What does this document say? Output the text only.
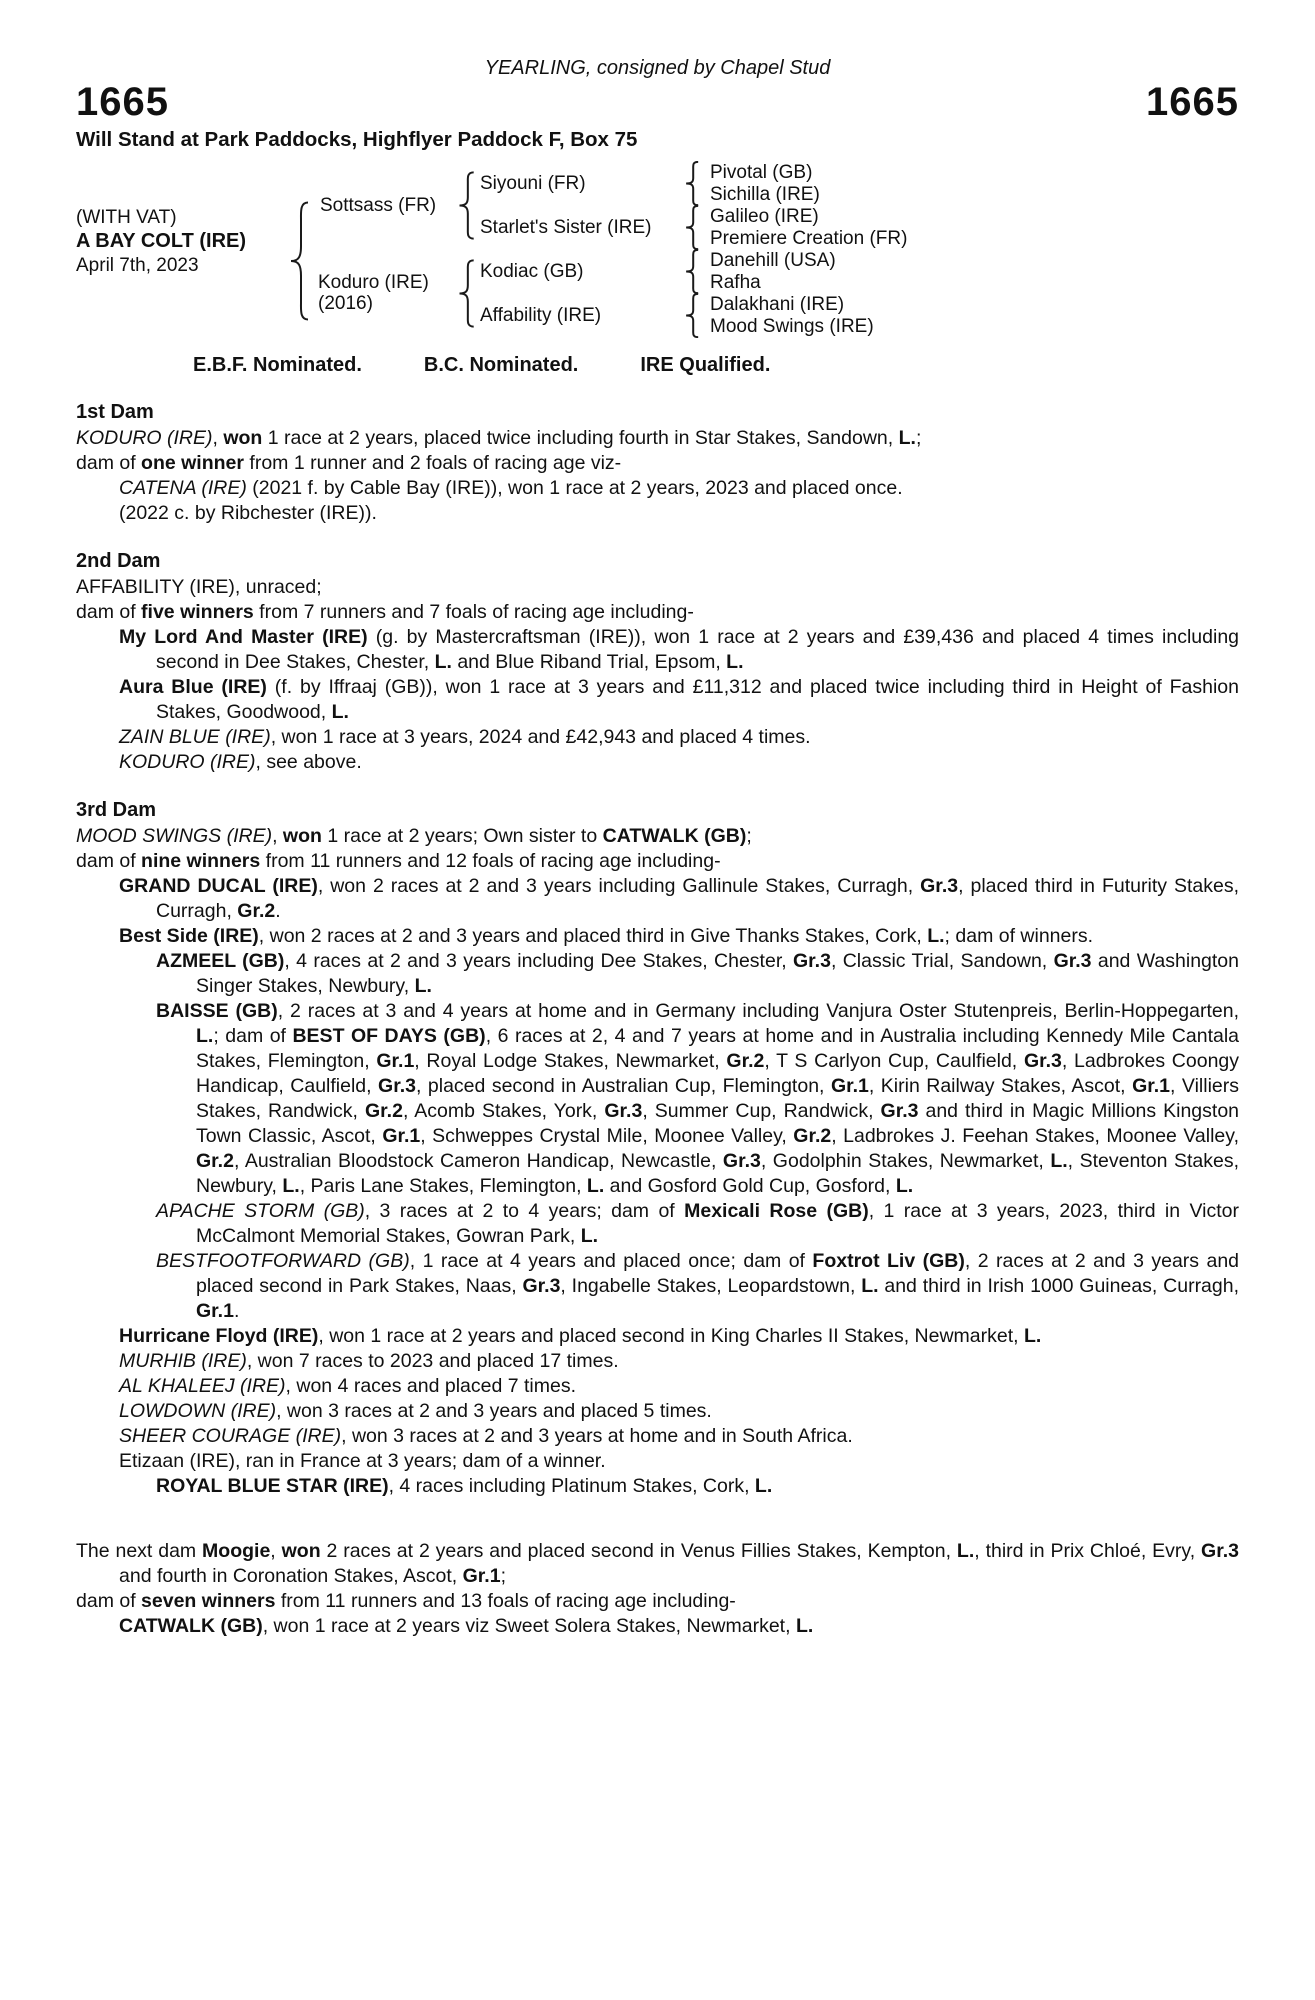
YEARLING, consigned by Chapel Stud
1665	1665
Will Stand at Park Paddocks, Highflyer Paddock F, Box 75
(WITH VAT)
A BAY COLT (IRE)
April 7th, 2023
Sottsass (FR)
Koduro (IRE)
(2016)
Siyouni (FR)
Starlet's Sister (IRE)
Kodiac (GB)
Affability (IRE)
Pivotal (GB)
Sichilla (IRE)
Galileo (IRE)
Premiere Creation (FR)
Danehill (USA)
Rafha
Dalakhani (IRE)
Mood Swings (IRE)
E.B.F. Nominated.	B.C. Nominated.	IRE Qualified.
1st Dam

KODURO (IRE), won 1 race at 2 years, placed twice including fourth in Star Stakes, Sandown, L.;

dam of one winner from 1 runner and 2 foals of racing age viz-

CATENA (IRE) (2021 f. by Cable Bay (IRE)), won 1 race at 2 years, 2023 and placed once.

(2022 c. by Ribchester (IRE)).

2nd Dam

AFFABILITY (IRE), unraced;

dam of five winners from 7 runners and 7 foals of racing age including-

My Lord And Master (IRE) (g. by Mastercraftsman (IRE)), won 1 race at 2 years and £39,436 and placed 4 times including second in Dee Stakes, Chester, L. and Blue Riband Trial, Epsom, L.

Aura Blue (IRE) (f. by Iffraaj (GB)), won 1 race at 3 years and £11,312 and placed twice including third in Height of Fashion Stakes, Goodwood, L.

ZAIN BLUE (IRE), won 1 race at 3 years, 2024 and £42,943 and placed 4 times.

KODURO (IRE), see above.

3rd Dam

MOOD SWINGS (IRE), won 1 race at 2 years; Own sister to CATWALK (GB);

dam of nine winners from 11 runners and 12 foals of racing age including-

GRAND DUCAL (IRE), won 2 races at 2 and 3 years including Gallinule Stakes, Curragh, Gr.3, placed third in Futurity Stakes, Curragh, Gr.2.

Best Side (IRE), won 2 races at 2 and 3 years and placed third in Give Thanks Stakes, Cork, L.; dam of winners.

AZMEEL (GB), 4 races at 2 and 3 years including Dee Stakes, Chester, Gr.3, Classic Trial, Sandown, Gr.3 and Washington Singer Stakes, Newbury, L.

BAISSE (GB), 2 races at 3 and 4 years at home and in Germany including Vanjura Oster Stutenpreis, Berlin-Hoppegarten, L.; dam of BEST OF DAYS (GB), 6 races at 2, 4 and 7 years at home and in Australia including Kennedy Mile Cantala Stakes, Flemington, Gr.1, Royal Lodge Stakes, Newmarket, Gr.2, T S Carlyon Cup, Caulfield, Gr.3, Ladbrokes Coongy Handicap, Caulfield, Gr.3, placed second in Australian Cup, Flemington, Gr.1, Kirin Railway Stakes, Ascot, Gr.1, Villiers Stakes, Randwick, Gr.2, Acomb Stakes, York, Gr.3, Summer Cup, Randwick, Gr.3 and third in Magic Millions Kingston Town Classic, Ascot, Gr.1, Schweppes Crystal Mile, Moonee Valley, Gr.2, Ladbrokes J. Feehan Stakes, Moonee Valley, Gr.2, Australian Bloodstock Cameron Handicap, Newcastle, Gr.3, Godolphin Stakes, Newmarket, L., Steventon Stakes, Newbury, L., Paris Lane Stakes, Flemington, L. and Gosford Gold Cup, Gosford, L.

APACHE STORM (GB), 3 races at 2 to 4 years; dam of Mexicali Rose (GB), 1 race at 3 years, 2023, third in Victor McCalmont Memorial Stakes, Gowran Park, L.

BESTFOOTFORWARD (GB), 1 race at 4 years and placed once; dam of Foxtrot Liv (GB), 2 races at 2 and 3 years and placed second in Park Stakes, Naas, Gr.3, Ingabelle Stakes, Leopardstown, L. and third in Irish 1000 Guineas, Curragh, Gr.1.

Hurricane Floyd (IRE), won 1 race at 2 years and placed second in King Charles II Stakes, Newmarket, L.

MURHIB (IRE), won 7 races to 2023 and placed 17 times.

AL KHALEEJ (IRE), won 4 races and placed 7 times.

LOWDOWN (IRE), won 3 races at 2 and 3 years and placed 5 times.

SHEER COURAGE (IRE), won 3 races at 2 and 3 years at home and in South Africa.

Etizaan (IRE), ran in France at 3 years; dam of a winner.

ROYAL BLUE STAR (IRE), 4 races including Platinum Stakes, Cork, L.

The next dam Moogie, won 2 races at 2 years and placed second in Venus Fillies Stakes, Kempton, L., third in Prix Chloé, Evry, Gr.3 and fourth in Coronation Stakes, Ascot, Gr.1;

dam of seven winners from 11 runners and 13 foals of racing age including-

CATWALK (GB), won 1 race at 2 years viz Sweet Solera Stakes, Newmarket, L.
